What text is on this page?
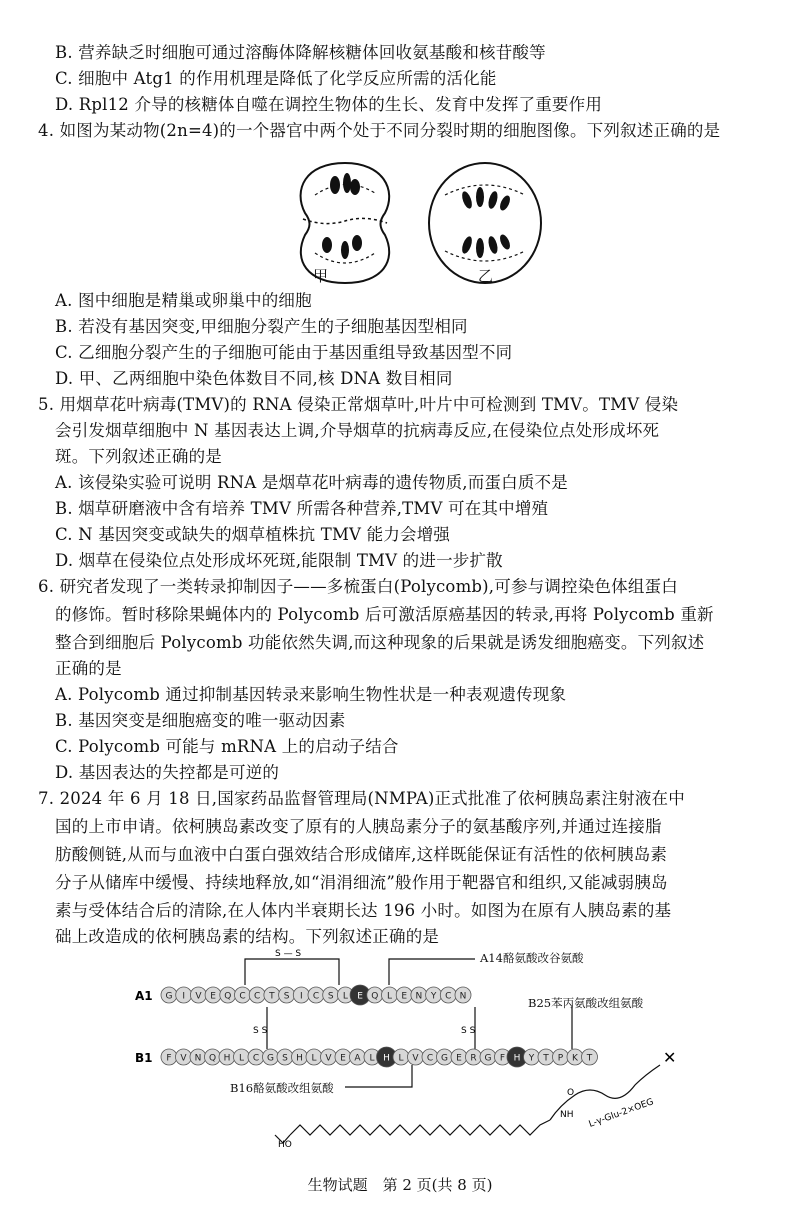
B. 营养缺乏时细胞可通过溶酶体降解核糖体回收氨基酸和核苷酸等
C. 细胞中 Atg1 的作用机理是降低了化学反应所需的活化能
D. Rpl12 介导的核糖体自噬在调控生物体的生长、发育中发挥了重要作用
4. 如图为某动物(2n=4)的一个器官中两个处于不同分裂时期的细胞图像。下列叙述正确的是
甲	乙
A. 图中细胞是精巢或卵巢中的细胞
B. 若没有基因突变,甲细胞分裂产生的子细胞基因型相同
C. 乙细胞分裂产生的子细胞可能由于基因重组导致基因型不同
D. 甲、乙两细胞中染色体数目不同,核 DNA 数目相同
5. 用烟草花叶病毒(TMV)的 RNA 侵染正常烟草叶,叶片中可检测到 TMV。TMV 侵染
会引发烟草细胞中 N 基因表达上调,介导烟草的抗病毒反应,在侵染位点处形成坏死
斑。下列叙述正确的是
A. 该侵染实验可说明 RNA 是烟草花叶病毒的遗传物质,而蛋白质不是
B. 烟草研磨液中含有培养 TMV 所需各种营养,TMV 可在其中增殖
C. N 基因突变或缺失的烟草植株抗 TMV 能力会增强
D. 烟草在侵染位点处形成坏死斑,能限制 TMV 的进一步扩散
6. 研究者发现了一类转录抑制因子——多梳蛋白(Polycomb),可参与调控染色体组蛋白
的修饰。暂时移除果蝇体内的 Polycomb 后可激活原癌基因的转录,再将 Polycomb 重新
整合到细胞后 Polycomb 功能依然失调,而这种现象的后果就是诱发细胞癌变。下列叙述
正确的是
A. Polycomb 通过抑制基因转录来影响生物性状是一种表观遗传现象
B. 基因突变是细胞癌变的唯一驱动因素
C. Polycomb 可能与 mRNA 上的启动子结合
D. 基因表达的失控都是可逆的
7. 2024 年 6 月 18 日,国家药品监督管理局(NMPA)正式批准了依柯胰岛素注射液在中
国的上市申请。依柯胰岛素改变了原有的人胰岛素分子的氨基酸序列,并通过连接脂
肪酸侧链,从而与血液中白蛋白强效结合形成储库,这样既能保证有活性的依柯胰岛素
分子从储库中缓慢、持续地释放,如“涓涓细流”般作用于靶器官和组织,又能减弱胰岛
素与受体结合后的清除,在人体内半衰期长达 196 小时。如图为在原有人胰岛素的基
础上改造成的依柯胰岛素的结构。下列叙述正确的是
G I V E Q C C T S I C S L E Q L E N Y C N
F V N Q H L C G S H L V E A L H L V C G E R G F H Y T P K T
A1
B1
S S	S S
S — S
HO
NH
O
L-γ-Glu-2×OEG
✕
A14酪氨酸改谷氨酸
B25苯丙氨酸改组氨酸
B16酪氨酸改组氨酸
生物试题　第 2 页(共 8 页)
